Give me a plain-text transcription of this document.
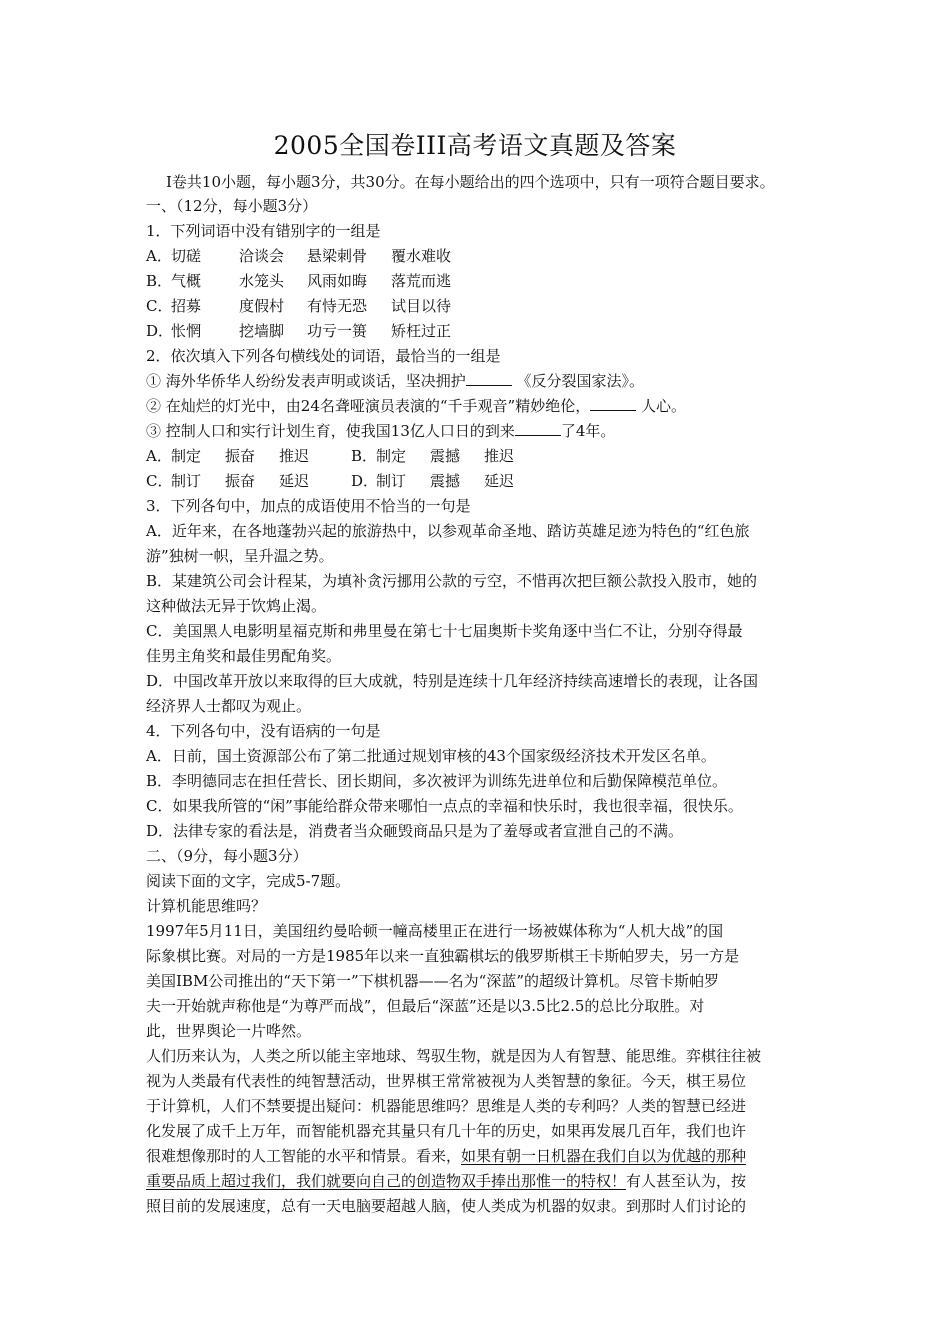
2005全国卷III高考语文真题及答案
Ⅰ卷共10小题，每小题3分，共30分。在每小题给出的四个选项中，只有一项符合题目要求。
一、（12分，每小题3分）
1．下列词语中没有错别字的一组是
A．切磋	洽谈会 悬梁刺骨 覆水难收
B．气概	水笼头 风雨如晦 落荒而逃
C．招募	度假村 有恃无恐 试目以待
D．怅惘	挖墙脚 功亏一篑 矫枉过正
2．依次填入下列各句横线处的词语，最恰当的一组是
① 海外华侨华人纷纷发表声明或谈话，坚决拥护	《反分裂国家法》。
② 在灿烂的灯光中，由24名聋哑演员表演的“千手观音”精妙绝伦，	人心。
③ 控制人口和实行计划生育，使我国13亿人口日的到来	了4年。
A．制定 振奋 推迟	B．制定 震撼 推迟
C．制订 振奋 延迟	D．制订 震撼 延迟
3．下列各句中，加点的成语使用不恰当的一句是
A．近年来，在各地蓬勃兴起的旅游热中，以参观革命圣地、踏访英雄足迹为特色的“红色旅
游”独树一帜，呈升温之势。
B．某建筑公司会计程某，为填补贪污挪用公款的亏空，不惜再次把巨额公款投入股市，她的
这种做法无异于饮鸩止渴。
C．美国黑人电影明星福克斯和弗里曼在第七十七届奥斯卡奖角逐中当仁不让，分别夺得最
佳男主角奖和最佳男配角奖。
D．中国改革开放以来取得的巨大成就，特别是连续十几年经济持续高速增长的表现，让各国
经济界人士都叹为观止。
4．下列各句中，没有语病的一句是
A．日前，国土资源部公布了第二批通过规划审核的43个国家级经济技术开发区名单。
B．李明德同志在担任营长、团长期间，多次被评为训练先进单位和后勤保障模范单位。
C．如果我所管的“闲”事能给群众带来哪怕一点点的幸福和快乐时，我也很幸福，很快乐。
D．法律专家的看法是，消费者当众砸毁商品只是为了羞辱或者宣泄自己的不满。
二、（9分，每小题3分）
阅读下面的文字，完成5-7题。
计算机能思维吗？
1997年5月11日，美国纽约曼哈顿一幢高楼里正在进行一场被媒体称为“人机大战”的国
际象棋比赛。对局的一方是1985年以来一直独霸棋坛的俄罗斯棋王卡斯帕罗夫，另一方是
美国IBM公司推出的“天下第一”下棋机器——名为“深蓝”的超级计算机。尽管卡斯帕罗
夫一开始就声称他是“为尊严而战”，但最后“深蓝”还是以3.5比2.5的总比分取胜。对
此，世界舆论一片哗然。
人们历来认为，人类之所以能主宰地球、驾驭生物，就是因为人有智慧、能思维。弈棋往往被
视为人类最有代表性的纯智慧活动，世界棋王常常被视为人类智慧的象征。今天，棋王易位
于计算机，人们不禁要提出疑问：机器能思维吗？思维是人类的专利吗？人类的智慧已经进
化发展了成千上万年，而智能机器充其量只有几十年的历史，如果再发展几百年，我们也许
很难想像那时的人工智能的水平和情景。看来，如果有朝一日机器在我们自以为优越的那种
重要品质上超过我们，我们就要向自己的创造物双手捧出那惟一的特权！有人甚至认为，按
照目前的发展速度，总有一天电脑要超越人脑，使人类成为机器的奴隶。到那时人们讨论的
